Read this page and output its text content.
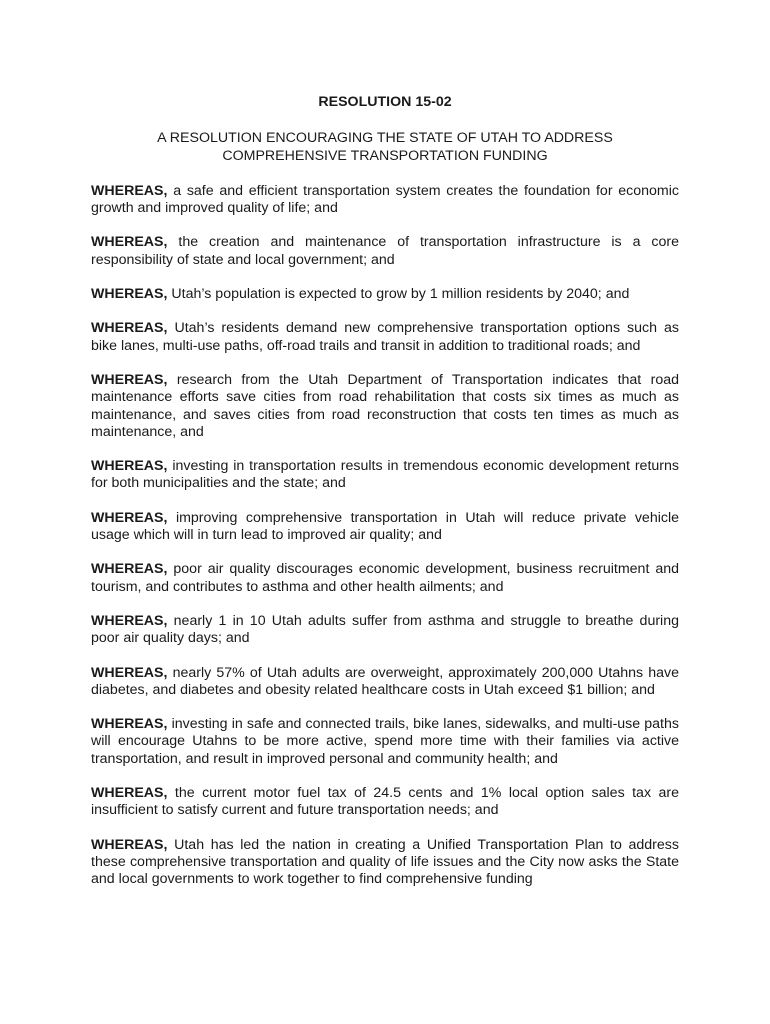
RESOLUTION 15-02

A RESOLUTION ENCOURAGING THE STATE OF UTAH TO ADDRESS
COMPREHENSIVE TRANSPORTATION FUNDING

WHEREAS, a safe and efficient transportation system creates the foundation for economic growth and improved quality of life; and

WHEREAS, the creation and maintenance of transportation infrastructure is a core responsibility of state and local government; and

WHEREAS, Utah’s population is expected to grow by 1 million residents by 2040; and

WHEREAS, Utah’s residents demand new comprehensive transportation options such as bike lanes, multi-use paths, off-road trails and transit in addition to traditional roads; and

WHEREAS, research from the Utah Department of Transportation indicates that road maintenance efforts save cities from road rehabilitation that costs six times as much as maintenance, and saves cities from road reconstruction that costs ten times as much as maintenance, and

WHEREAS, investing in transportation results in tremendous economic development returns for both municipalities and the state; and

WHEREAS, improving comprehensive transportation in Utah will reduce private vehicle usage which will in turn lead to improved air quality; and

WHEREAS, poor air quality discourages economic development, business recruitment and tourism, and contributes to asthma and other health ailments; and

WHEREAS, nearly 1 in 10 Utah adults suffer from asthma and struggle to breathe during poor air quality days; and

WHEREAS, nearly 57% of Utah adults are overweight, approximately 200,000 Utahns have diabetes, and diabetes and obesity related healthcare costs in Utah exceed $1 billion; and

WHEREAS, investing in safe and connected trails, bike lanes, sidewalks, and multi-use paths will encourage Utahns to be more active, spend more time with their families via active transportation, and result in improved personal and community health; and

WHEREAS, the current motor fuel tax of 24.5 cents and 1% local option sales tax are insufficient to satisfy current and future transportation needs; and

WHEREAS, Utah has led the nation in creating a Unified Transportation Plan to address these comprehensive transportation and quality of life issues and the City now asks the State and local governments to work together to find comprehensive funding
